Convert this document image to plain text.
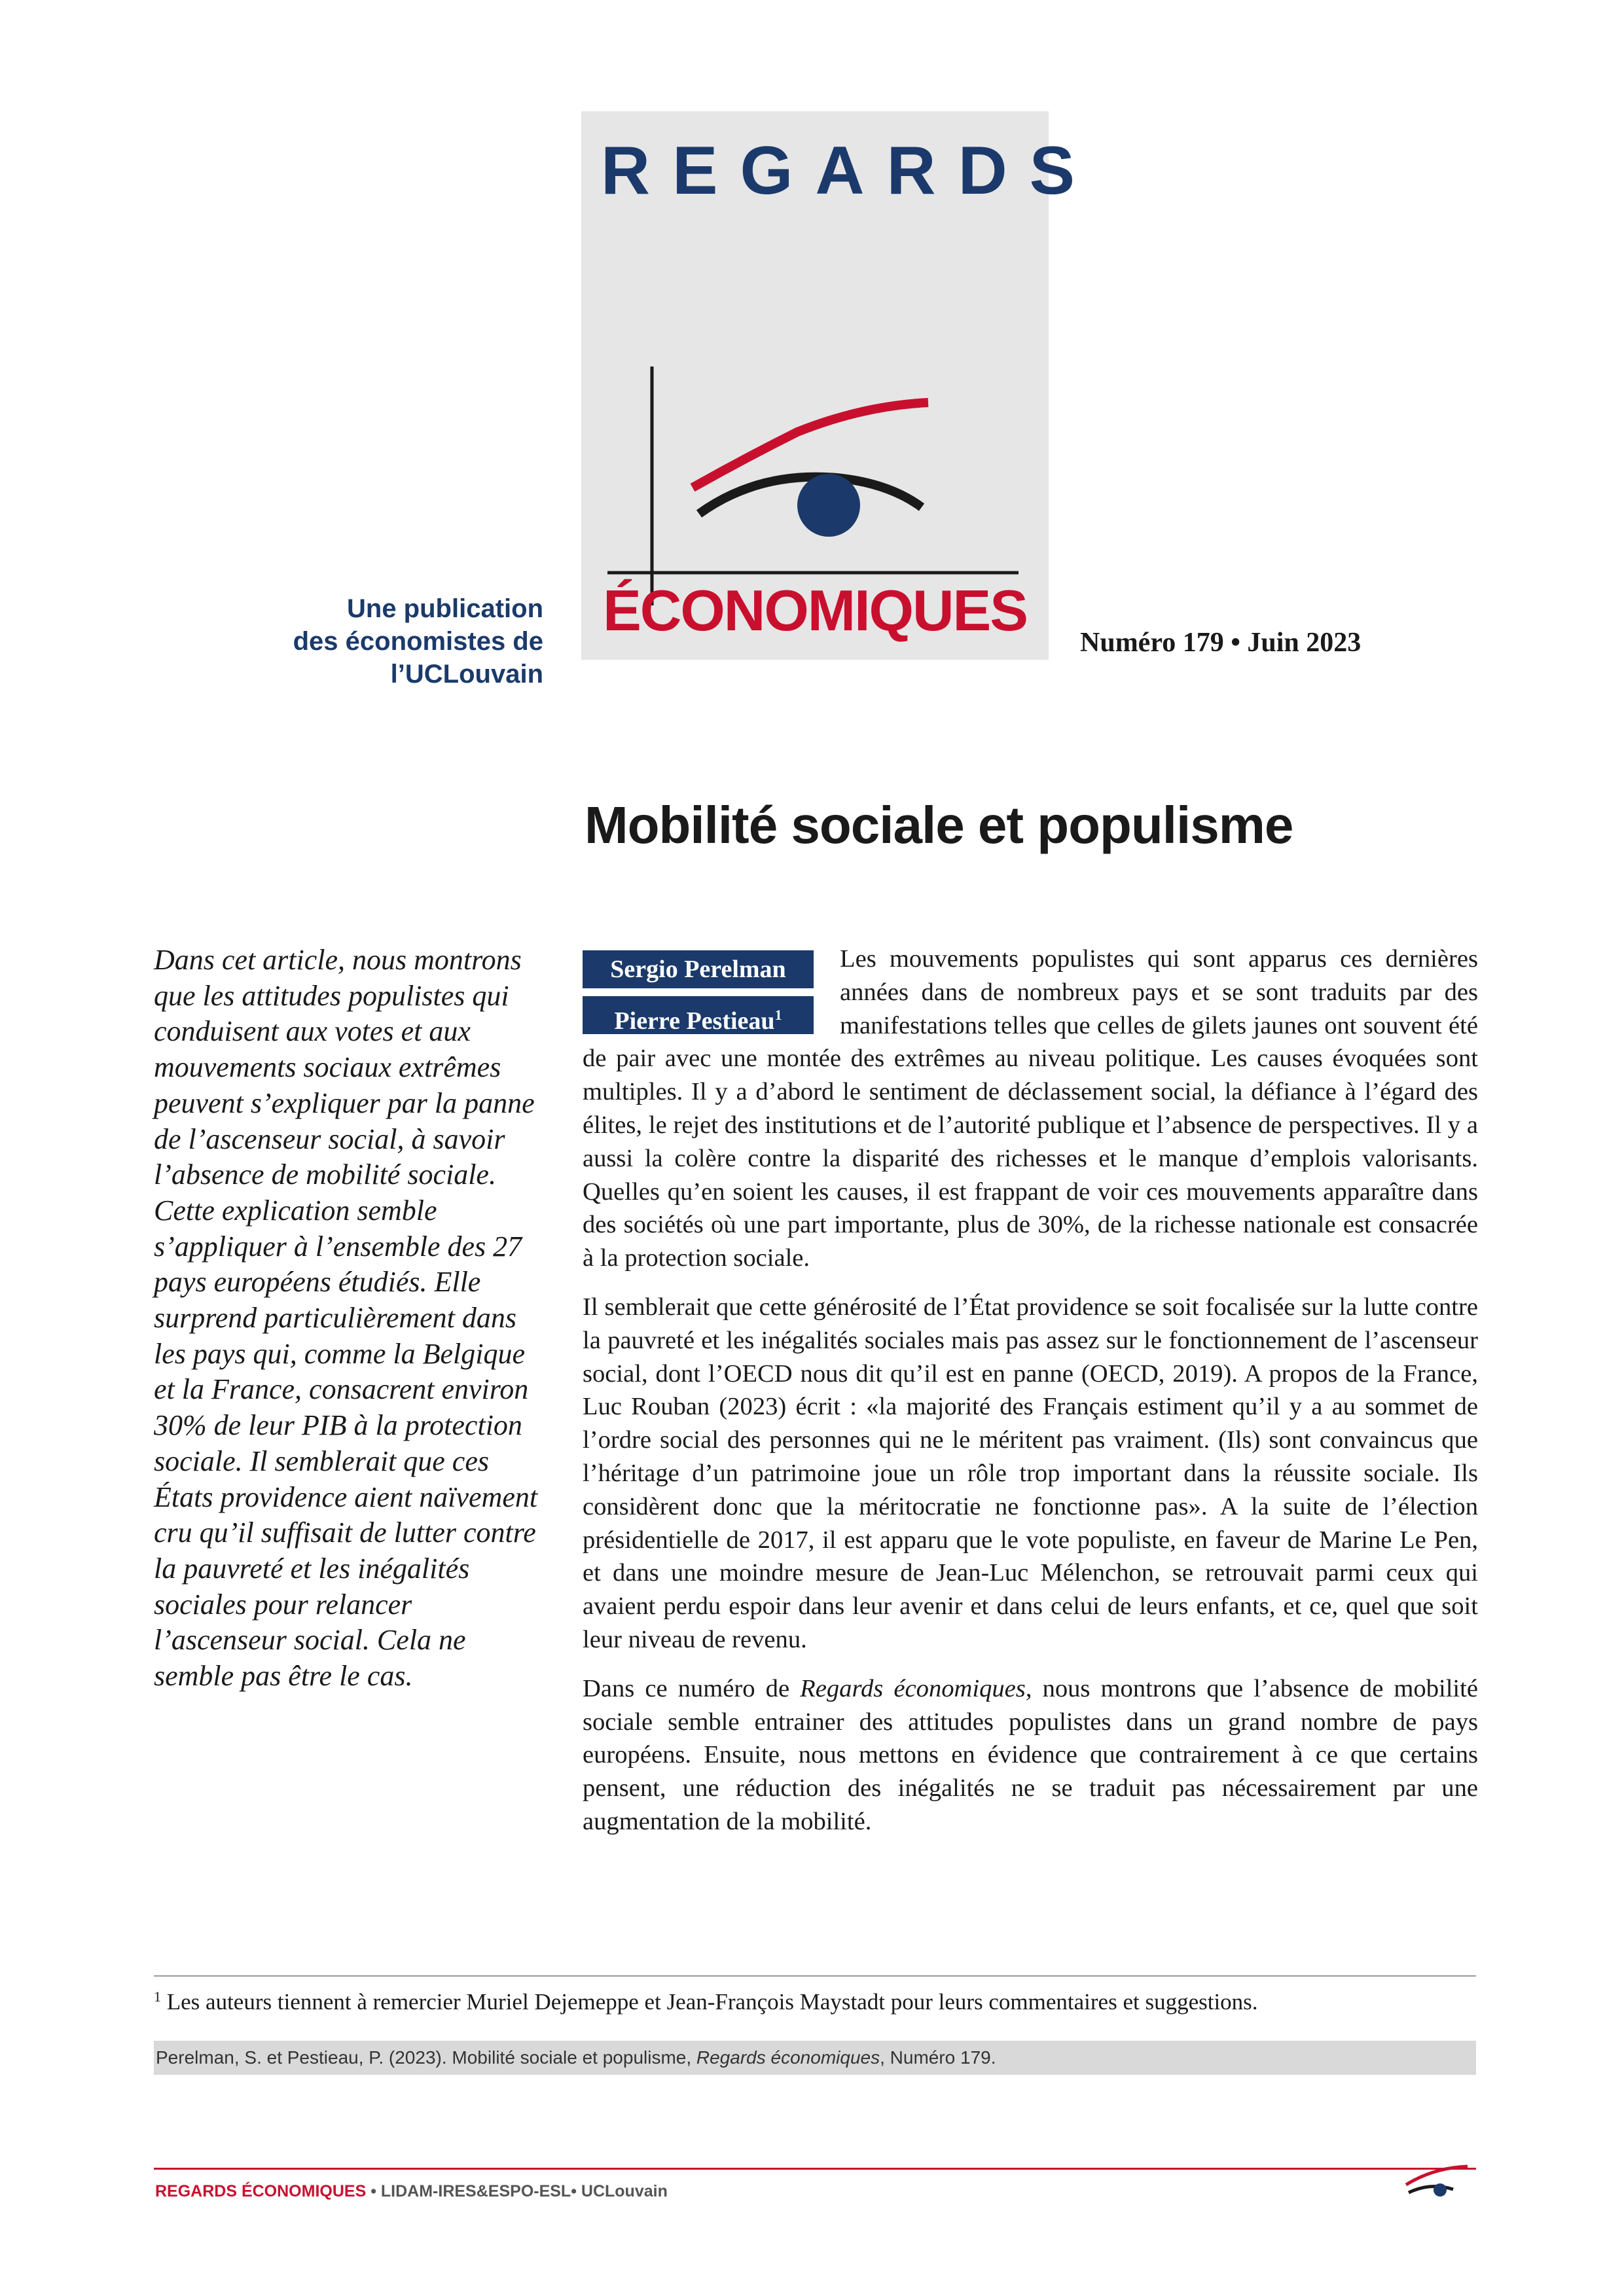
REGARDS
ÉCONOMIQUES
Une publication
des économistes de l’UCLouvain
Numéro 179 • Juin 2023
Mobilité sociale et populisme

Dans cet article, nous montrons que les attitudes populistes qui conduisent aux votes et aux mouvements sociaux extrêmes peuvent s’expliquer par la panne de l’ascenseur social, à savoir l’absence de mobilité sociale. Cette explication semble s’appliquer à l’ensemble des 27 pays européens étudiés. Elle surprend particulièrement dans les pays qui, comme la Belgique et la France, consacrent environ 30% de leur PIB à la protection sociale. Il semblerait que ces États providence aient naïvement cru qu’il suffisait de lutter contre la pauvreté et les inégalités sociales pour relancer l’ascenseur social. Cela ne semble pas être le cas.

Les mouvements populistes qui sont apparus ces dernières années dans de nombreux pays et se sont traduits par des manifestations telles que celles de gilets jaunes ont souvent été de pair avec une montée des extrêmes au niveau politique. Les causes évoquées sont multiples. Il y a d’abord le sentiment de déclassement social, la défiance à l’égard des élites, le rejet des institutions et de l’autorité publique et l’absence de perspectives. Il y a aussi la colère contre la disparité des richesses et le manque d’emplois valorisants. Quelles qu’en soient les causes, il est frappant de voir ces mouvements apparaître dans des sociétés où une part importante, plus de 30%, de la richesse nationale est consacrée à la protection sociale.

Il semblerait que cette générosité de l’État providence se soit focalisée sur la lutte contre la pauvreté et les inégalités sociales mais pas assez sur le fonctionnement de l’ascenseur social, dont l’OECD nous dit qu’il est en panne (OECD, 2019). A propos de la France, Luc Rouban (2023) écrit : «la majorité des Français estiment qu’il y a au sommet de l’ordre social des personnes qui ne le méritent pas vraiment. (Ils) sont convaincus que l’héritage d’un patrimoine joue un rôle trop important dans la réussite sociale. Ils considèrent donc que la méritocratie ne fonctionne pas». A la suite de l’élection présidentielle de 2017, il est apparu que le vote populiste, en faveur de Marine Le Pen, et dans une moindre mesure de Jean-Luc Mélenchon, se retrouvait parmi ceux qui avaient perdu espoir dans leur avenir et dans celui de leurs enfants, et ce, quel que soit leur niveau de revenu.

Dans ce numéro de Regards économiques, nous montrons que l’absence de mobilité sociale semble entrainer des attitudes populistes dans un grand nombre de pays européens. Ensuite, nous mettons en évidence que contrairement à ce que certains pensent, une réduction des inégalités ne se traduit pas nécessairement par une augmentation de la mobilité.

Sergio Perelman
Pierre Pestieau$^1$
$^1$ Les auteurs tiennent à remercier Muriel Dejemeppe et Jean-François Maystadt pour leurs commentaires et suggestions.
Perelman, S. et Pestieau, P. (2023). Mobilité sociale et populisme, Regards économiques, Numéro 179.
REGARDS ÉCONOMIQUES • LIDAM-IRES&ESPO-ESL• UCLouvain
